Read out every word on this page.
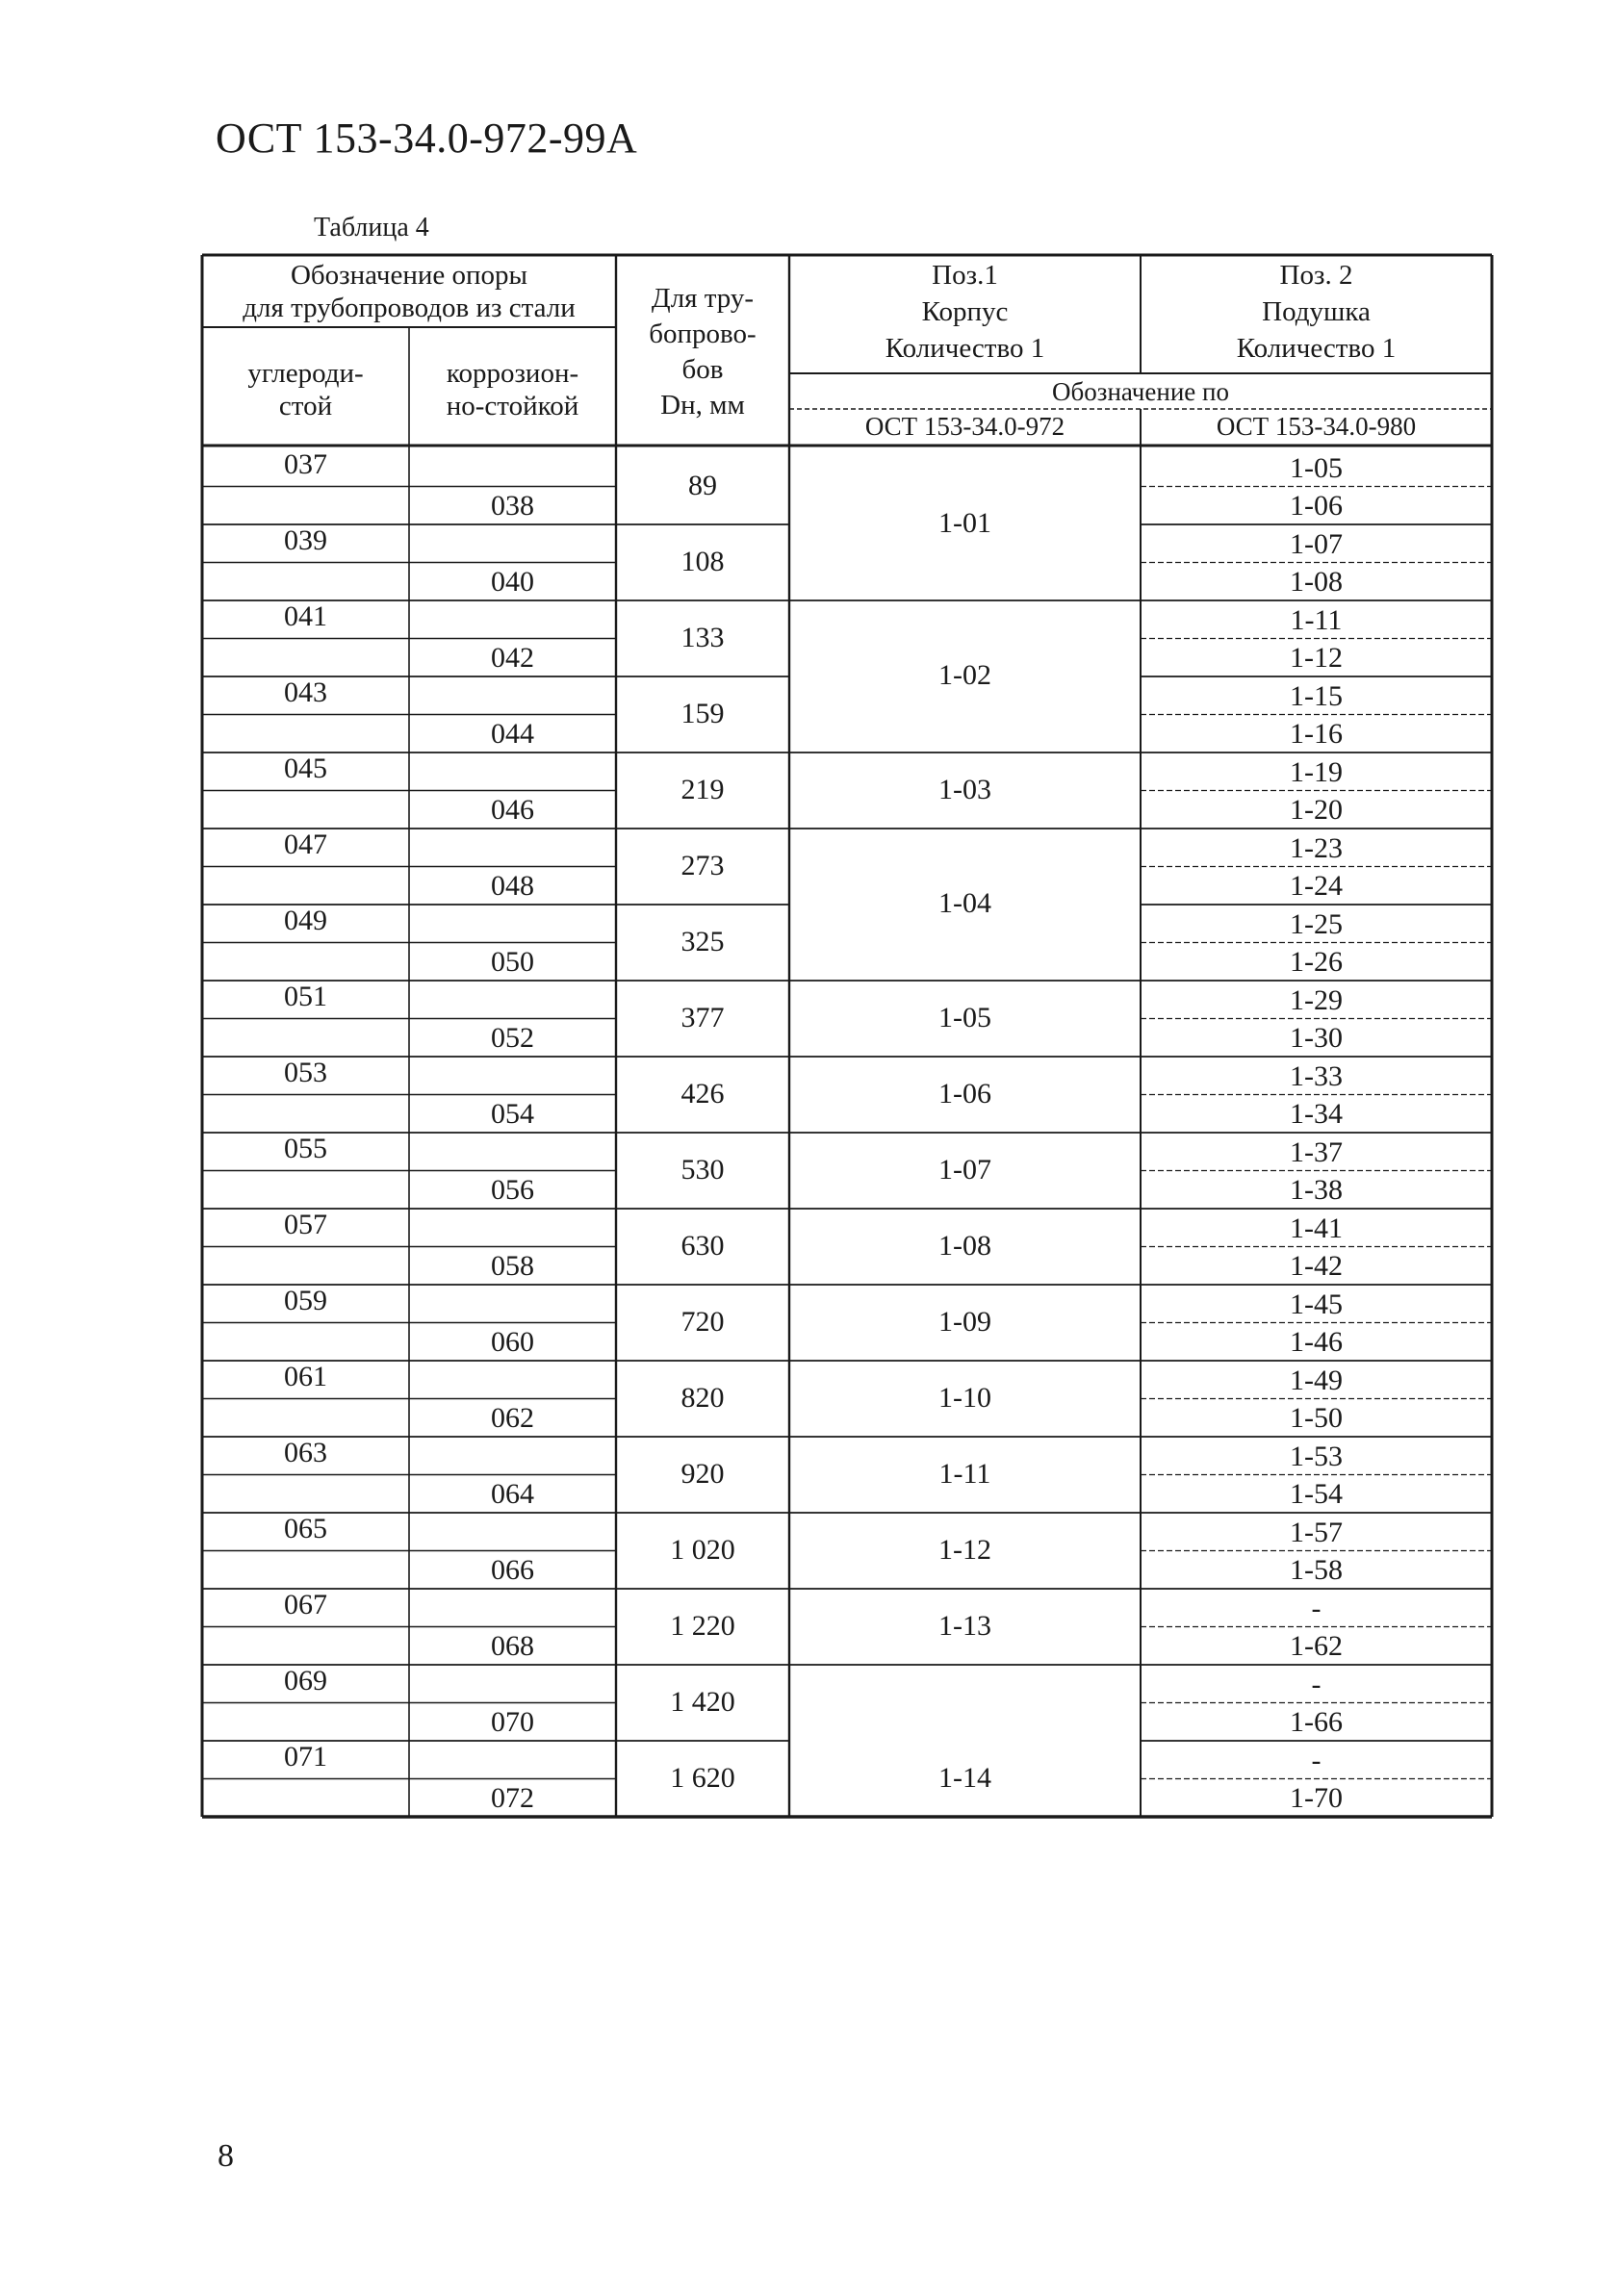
ОСТ 153-34.0-972-99А
Таблица 4
Обозначение опоры
для трубопроводов из стали
углероди-
стой
коррозион-
но-стойкой
Для тру-
бопрово-
бов
Dн, мм
Поз.1
Корпус
Количество 1
Поз. 2
Подушка
Количество 1
Обозначение по
ОСТ 153-34.0-972	ОСТ 153-34.0-980
037
038
89
039
040
108
041
042
133
043
044
159
045
046
219
047
048
273
049
050
325
051
052
377
053
054
426
055
056
530
057
058
630
059
060
720
061
062
820
063
064
920
065
066
1 020
067
068
1 220
069
070
1 420
071
072
1 620
1-01
1-02
1-03
1-04
1-05
1-06
1-07
1-08
1-09
1-10
1-11
1-12
1-13
1-14
1-05
1-06
1-07
1-08
1-11
1-12
1-15
1-16
1-19
1-20
1-23
1-24
1-25
1-26
1-29
1-30
1-33
1-34
1-37
1-38
1-41
1-42
1-45
1-46
1-49
1-50
1-53
1-54
1-57
1-58
-
1-62
-
1-66
-
1-70
8
